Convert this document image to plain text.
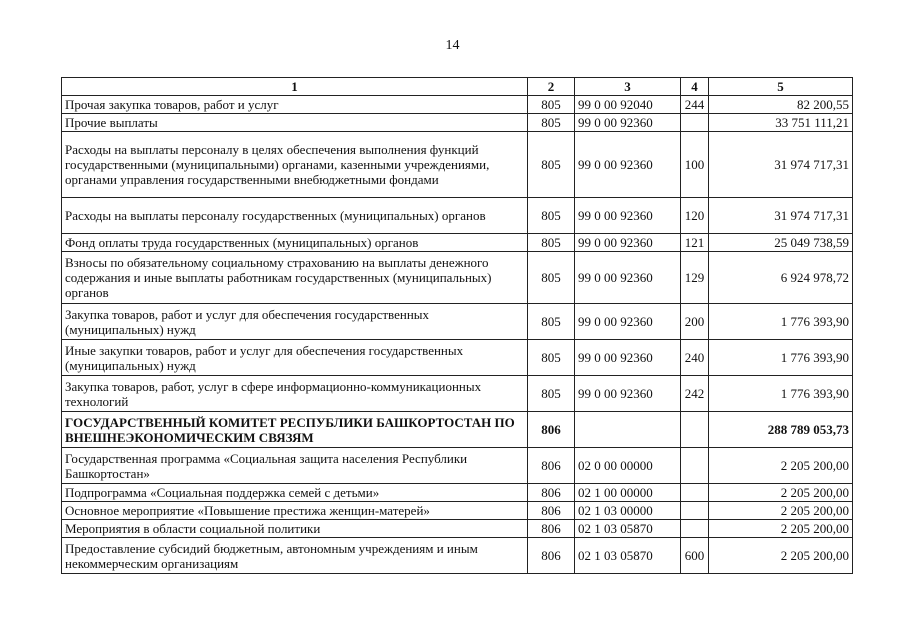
14
1	2	3	4	5
Прочая закупка товаров, работ и услуг	805	99 0 00 92040	244	82 200,55
Прочие выплаты	805	99 0 00 92360		33 751 111,21
Расходы на выплаты персоналу в целях обеспечения выполнения функций государственными (муниципальными) органами, казенными учреждениями, органами управления государственными внебюджетными фондами	805	99 0 00 92360	100	31 974 717,31
Расходы на выплаты персоналу государственных (муниципальных) органов	805	99 0 00 92360	120	31 974 717,31
Фонд оплаты труда государственных (муниципальных) органов	805	99 0 00 92360	121	25 049 738,59
Взносы по обязательному социальному страхованию на выплаты денежного содержания и иные выплаты работникам государственных (муниципальных) органов	805	99 0 00 92360	129	6 924 978,72
Закупка товаров, работ и услуг для обеспечения государственных (муниципальных) нужд	805	99 0 00 92360	200	1 776 393,90
Иные закупки товаров, работ и услуг для обеспечения государственных (муниципальных) нужд	805	99 0 00 92360	240	1 776 393,90
Закупка товаров, работ, услуг в сфере информационно-коммуникационных технологий	805	99 0 00 92360	242	1 776 393,90
ГОСУДАРСТВЕННЫЙ КОМИТЕТ РЕСПУБЛИКИ БАШКОРТОСТАН ПО ВНЕШНЕЭКОНОМИЧЕСКИМ СВЯЗЯМ	806			288 789 053,73
Государственная программа «Социальная защита населения Республики Башкортостан»	806	02 0 00 00000		2 205 200,00
Подпрограмма «Социальная поддержка семей с детьми»	806	02 1 00 00000		2 205 200,00
Основное мероприятие «Повышение престижа женщин-матерей»	806	02 1 03 00000		2 205 200,00
Мероприятия в области социальной политики	806	02 1 03 05870		2 205 200,00
Предоставление субсидий бюджетным, автономным учреждениям и иным некоммерческим организациям	806	02 1 03 05870	600	2 205 200,00
